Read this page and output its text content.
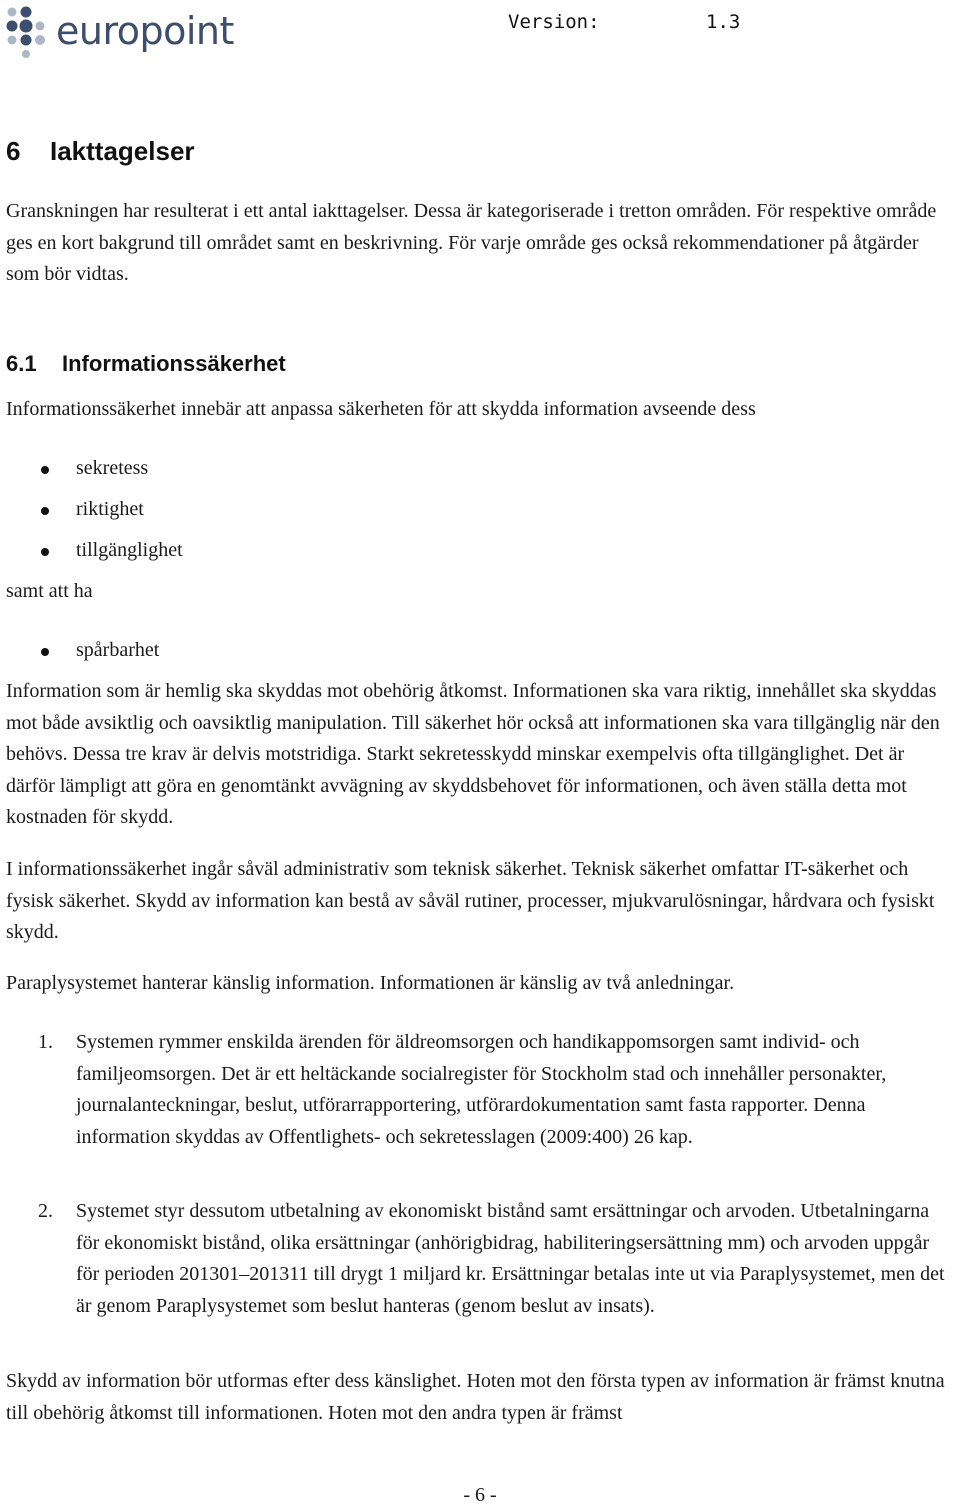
europoint	Version:	1.3
6 Iakttagelser

Granskningen har resulterat i ett antal iakttagelser. Dessa är kategoriserade i tretton områden. För respektive område ges en kort bakgrund till området samt en beskrivning. För varje område ges också rekommendationer på åtgärder som bör vidtas.

6.1 Informationssäkerhet

Informationssäkerhet innebär att anpassa säkerheten för att skydda information avseende dess

sekretess
riktighet
tillgänglighet

samt att ha

spårbarhet

Information som är hemlig ska skyddas mot obehörig åtkomst. Informationen ska vara riktig, innehållet ska skyddas mot både avsiktlig och oavsiktlig manipulation. Till säkerhet hör också att informationen ska vara tillgänglig när den behövs. Dessa tre krav är delvis motstridiga. Starkt sekretesskydd minskar exempelvis ofta tillgänglighet. Det är därför lämpligt att göra en genomtänkt avvägning av skyddsbehovet för informationen, och även ställa detta mot kostnaden för skydd.

I informationssäkerhet ingår såväl administrativ som teknisk säkerhet. Teknisk säkerhet omfattar IT-säkerhet och fysisk säkerhet. Skydd av information kan bestå av såväl rutiner, processer, mjukvarulösningar, hårdvara och fysiskt skydd.

Paraplysystemet hanterar känslig information. Informationen är känslig av två anledningar.

1. Systemen rymmer enskilda ärenden för äldreomsorgen och handikappomsorgen samt individ- och familjeomsorgen. Det är ett heltäckande socialregister för Stockholm stad och innehåller personakter, journalanteckningar, beslut, utförarrapportering, utförardokumentation samt fasta rapporter. Denna information skyddas av Offentlighets- och sekretesslagen (2009:400) 26 kap.

2. Systemet styr dessutom utbetalning av ekonomiskt bistånd samt ersättningar och arvoden. Utbetalningarna för ekonomiskt bistånd, olika ersättningar (anhörigbidrag, habiliteringsersättning mm) och arvoden uppgår för perioden 201301–201311 till drygt 1 miljard kr. Ersättningar betalas inte ut via Paraplysystemet, men det är genom Paraplysystemet som beslut hanteras (genom beslut av insats).

Skydd av information bör utformas efter dess känslighet. Hoten mot den första typen av information är främst knutna till obehörig åtkomst till informationen. Hoten mot den andra typen är främst

- 6 -
